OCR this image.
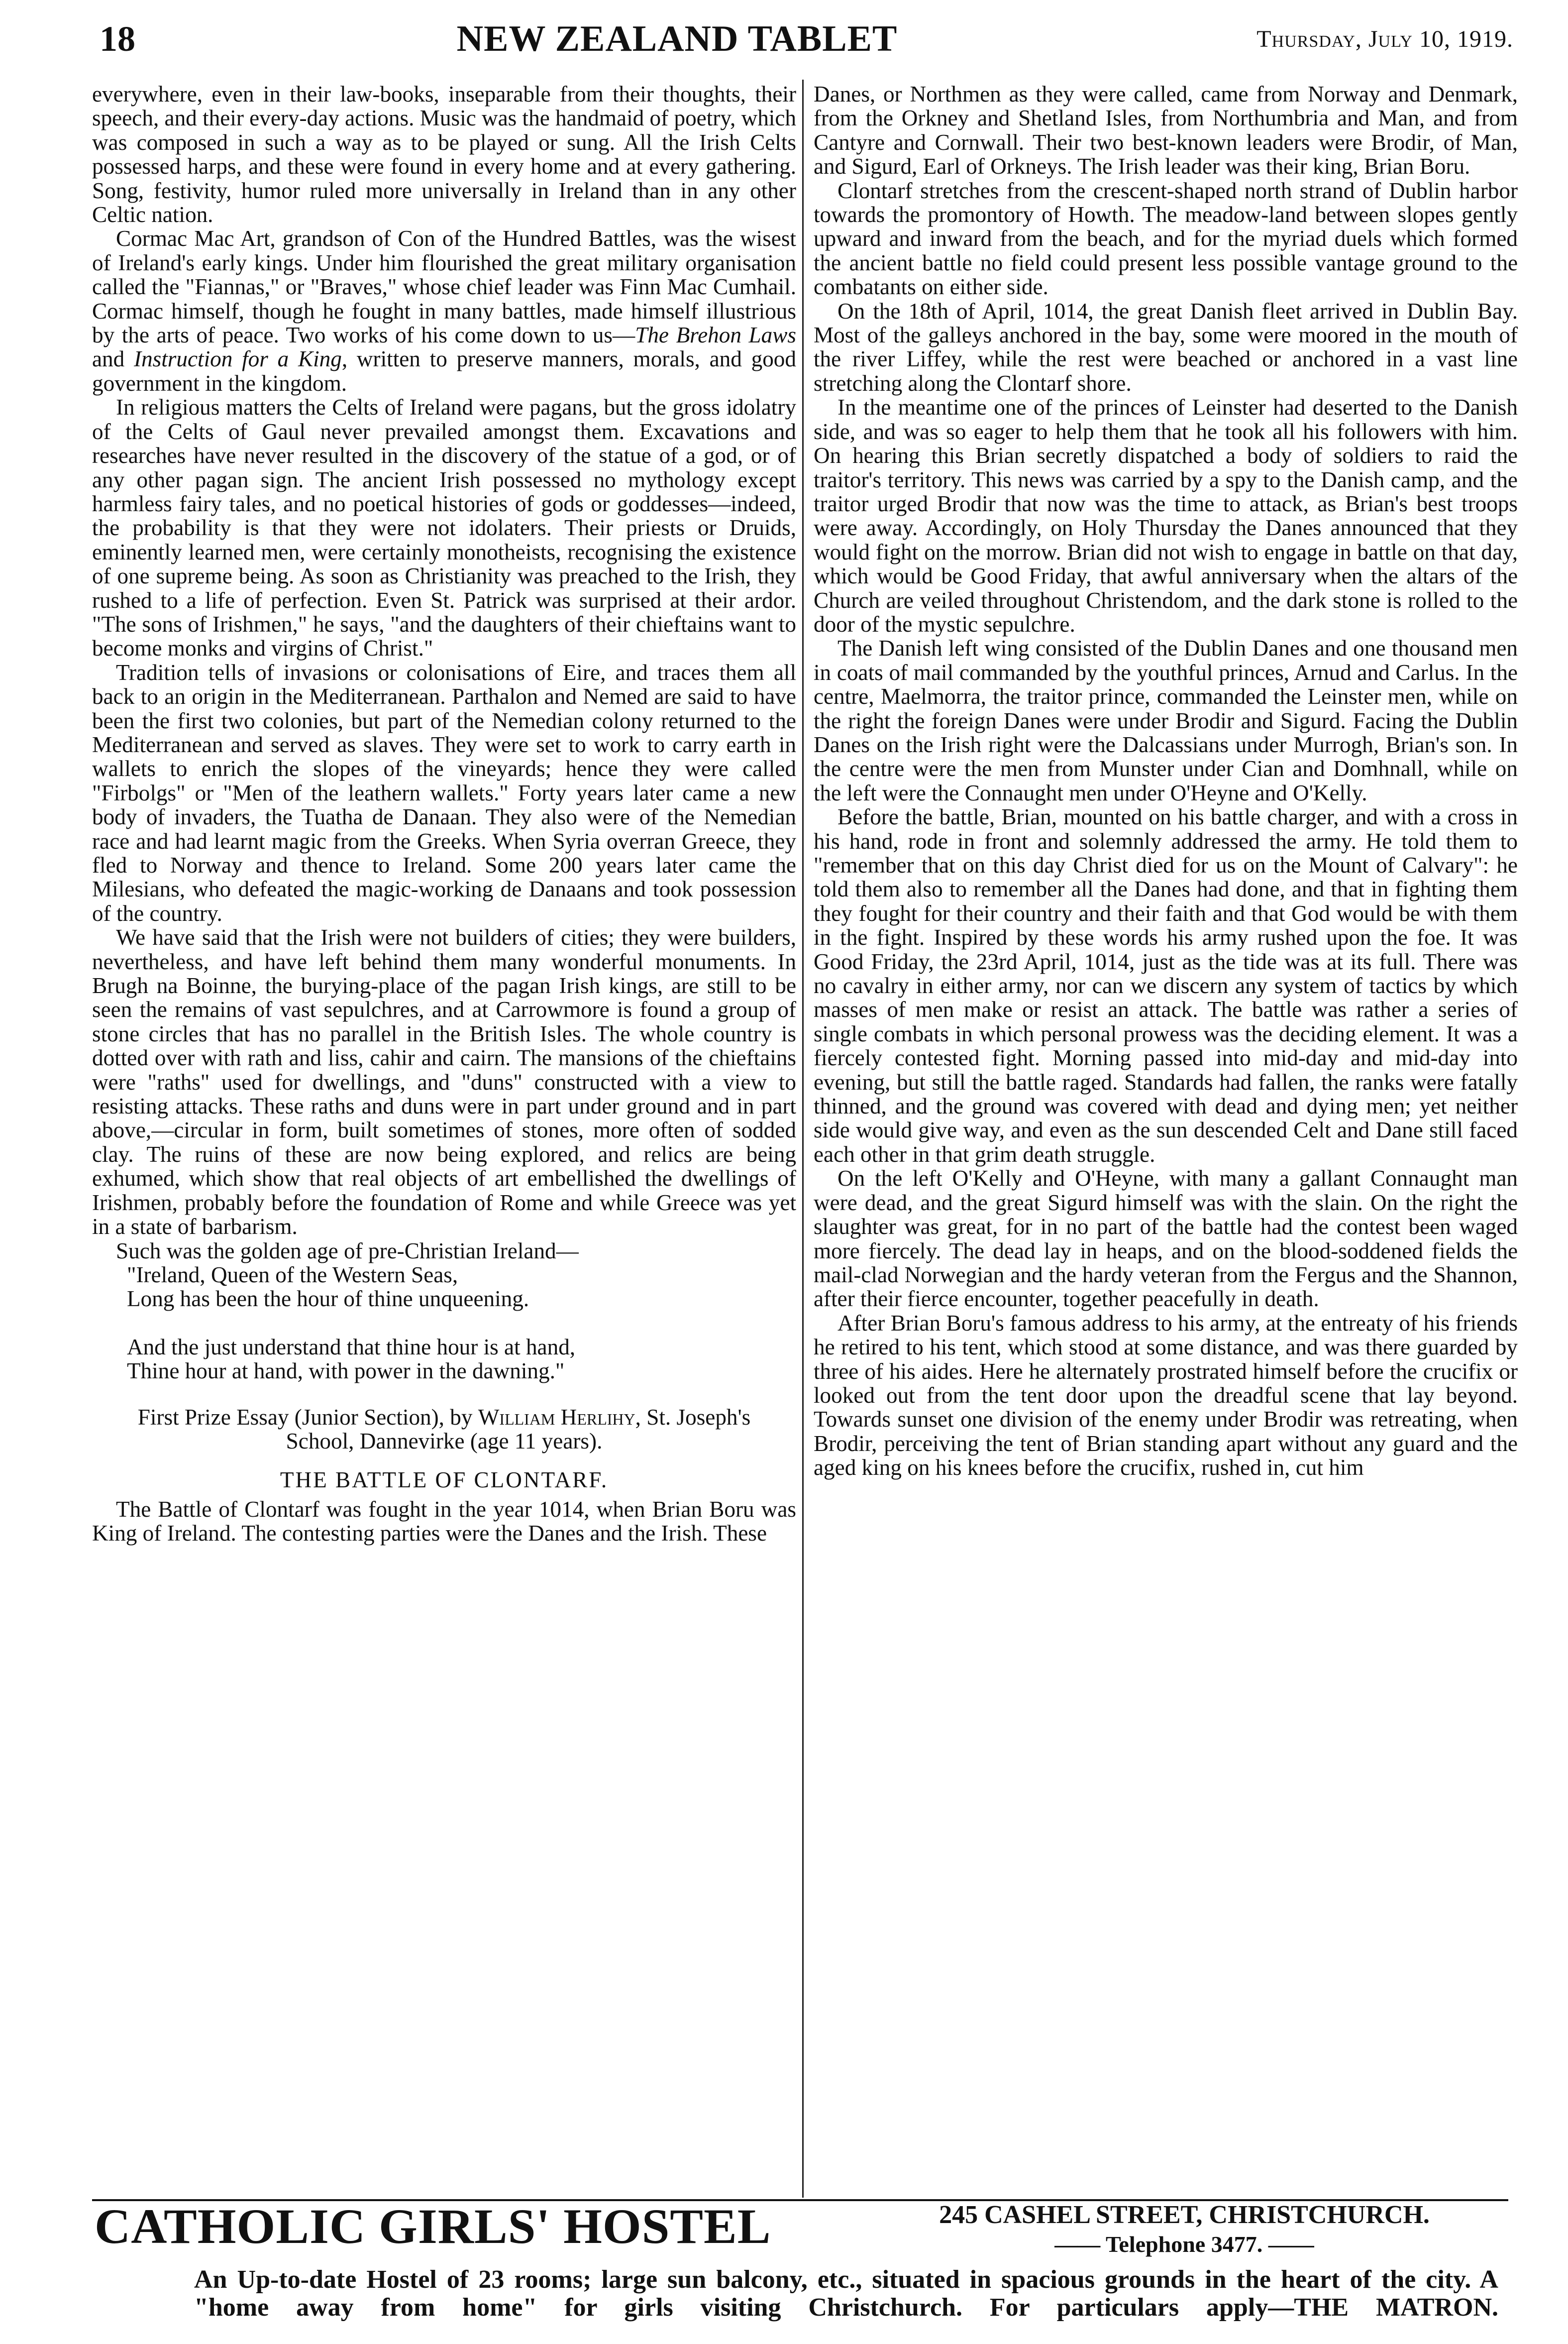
18	NEW ZEALAND TABLET	Thursday, July 10, 1919.

everywhere, even in their law-books, inseparable from their thoughts, their speech, and their every-day actions. Music was the handmaid of poetry, which was composed in such a way as to be played or sung. All the Irish Celts possessed harps, and these were found in every home and at every gathering. Song, festivity, humor ruled more universally in Ireland than in any other Celtic nation.

Cormac Mac Art, grandson of Con of the Hundred Battles, was the wisest of Ireland's early kings. Under him flourished the great military organisation called the "Fiannas," or "Braves," whose chief leader was Finn Mac Cumhail. Cormac himself, though he fought in many battles, made himself illustrious by the arts of peace. Two works of his come down to us—The Brehon Laws and Instruction for a King, written to preserve manners, morals, and good government in the kingdom.

In religious matters the Celts of Ireland were pagans, but the gross idolatry of the Celts of Gaul never prevailed amongst them. Excavations and researches have never resulted in the discovery of the statue of a god, or of any other pagan sign. The ancient Irish possessed no mythology except harmless fairy tales, and no poetical histories of gods or goddesses—indeed, the probability is that they were not idolaters. Their priests or Druids, eminently learned men, were certainly monotheists, recognising the existence of one supreme being. As soon as Christianity was preached to the Irish, they rushed to a life of perfection. Even St. Patrick was surprised at their ardor. "The sons of Irishmen," he says, "and the daughters of their chieftains want to become monks and virgins of Christ."

Tradition tells of invasions or colonisations of Eire, and traces them all back to an origin in the Mediterranean. Parthalon and Nemed are said to have been the first two colonies, but part of the Nemedian colony returned to the Mediterranean and served as slaves. They were set to work to carry earth in wallets to enrich the slopes of the vineyards; hence they were called "Firbolgs" or "Men of the leathern wallets." Forty years later came a new body of invaders, the Tuatha de Danaan. They also were of the Nemedian race and had learnt magic from the Greeks. When Syria overran Greece, they fled to Norway and thence to Ireland. Some 200 years later came the Milesians, who defeated the magic-working de Danaans and took possession of the country.

We have said that the Irish were not builders of cities; they were builders, nevertheless, and have left behind them many wonderful monuments. In Brugh na Boinne, the burying-place of the pagan Irish kings, are still to be seen the remains of vast sepulchres, and at Carrowmore is found a group of stone circles that has no parallel in the British Isles. The whole country is dotted over with rath and liss, cahir and cairn. The mansions of the chieftains were "raths" used for dwellings, and "duns" constructed with a view to resisting attacks. These raths and duns were in part under ground and in part above,—circular in form, built sometimes of stones, more often of sodded clay. The ruins of these are now being explored, and relics are being exhumed, which show that real objects of art embellished the dwellings of Irishmen, probably before the foundation of Rome and while Greece was yet in a state of barbarism.

Such was the golden age of pre-Christian Ireland—

"Ireland, Queen of the Western Seas,

Long has been the hour of thine unqueening.

And the just understand that thine hour is at hand,

Thine hour at hand, with power in the dawning."

First Prize Essay (Junior Section), by William Herlihy, St. Joseph's School, Dannevirke (age 11 years).

THE BATTLE OF CLONTARF.

The Battle of Clontarf was fought in the year 1014, when Brian Boru was King of Ireland. The contesting parties were the Danes and the Irish. These

Danes, or Northmen as they were called, came from Norway and Denmark, from the Orkney and Shetland Isles, from Northumbria and Man, and from Cantyre and Cornwall. Their two best-known leaders were Brodir, of Man, and Sigurd, Earl of Orkneys. The Irish leader was their king, Brian Boru.

Clontarf stretches from the crescent-shaped north strand of Dublin harbor towards the promontory of Howth. The meadow-land between slopes gently upward and inward from the beach, and for the myriad duels which formed the ancient battle no field could present less possible vantage ground to the combatants on either side.

On the 18th of April, 1014, the great Danish fleet arrived in Dublin Bay. Most of the galleys anchored in the bay, some were moored in the mouth of the river Liffey, while the rest were beached or anchored in a vast line stretching along the Clontarf shore.

In the meantime one of the princes of Leinster had deserted to the Danish side, and was so eager to help them that he took all his followers with him. On hearing this Brian secretly dispatched a body of soldiers to raid the traitor's territory. This news was carried by a spy to the Danish camp, and the traitor urged Brodir that now was the time to attack, as Brian's best troops were away. Accordingly, on Holy Thursday the Danes announced that they would fight on the morrow. Brian did not wish to engage in battle on that day, which would be Good Friday, that awful anniversary when the altars of the Church are veiled throughout Christendom, and the dark stone is rolled to the door of the mystic sepulchre.

The Danish left wing consisted of the Dublin Danes and one thousand men in coats of mail commanded by the youthful princes, Arnud and Carlus. In the centre, Maelmorra, the traitor prince, commanded the Leinster men, while on the right the foreign Danes were under Brodir and Sigurd. Facing the Dublin Danes on the Irish right were the Dalcassians under Murrogh, Brian's son. In the centre were the men from Munster under Cian and Domhnall, while on the left were the Connaught men under O'Heyne and O'Kelly.

Before the battle, Brian, mounted on his battle charger, and with a cross in his hand, rode in front and solemnly addressed the army. He told them to "remember that on this day Christ died for us on the Mount of Calvary": he told them also to remember all the Danes had done, and that in fighting them they fought for their country and their faith and that God would be with them in the fight. Inspired by these words his army rushed upon the foe. It was Good Friday, the 23rd April, 1014, just as the tide was at its full. There was no cavalry in either army, nor can we discern any system of tactics by which masses of men make or resist an attack. The battle was rather a series of single combats in which personal prowess was the deciding element. It was a fiercely contested fight. Morning passed into mid-day and mid-day into evening, but still the battle raged. Standards had fallen, the ranks were fatally thinned, and the ground was covered with dead and dying men; yet neither side would give way, and even as the sun descended Celt and Dane still faced each other in that grim death struggle.

On the left O'Kelly and O'Heyne, with many a gallant Connaught man were dead, and the great Sigurd himself was with the slain. On the right the slaughter was great, for in no part of the battle had the contest been waged more fiercely. The dead lay in heaps, and on the blood-soddened fields the mail-clad Norwegian and the hardy veteran from the Fergus and the Shannon, after their fierce encounter, together peacefully in death.

After Brian Boru's famous address to his army, at the entreaty of his friends he retired to his tent, which stood at some distance, and was there guarded by three of his aides. Here he alternately prostrated himself before the crucifix or looked out from the tent door upon the dreadful scene that lay beyond. Towards sunset one division of the enemy under Brodir was retreating, when Brodir, perceiving the tent of Brian standing apart without any guard and the aged king on his knees before the crucifix, rushed in, cut him

CATHOLIC GIRLS' HOSTEL	245 CASHEL STREET, CHRISTCHURCH.
—— Telephone 3477. ——
An Up-to-date Hostel of 23 rooms; large sun balcony, etc., situated in spacious grounds in the heart of the city. A "home away from home" for girls visiting Christchurch. For particulars apply—THE MATRON.
